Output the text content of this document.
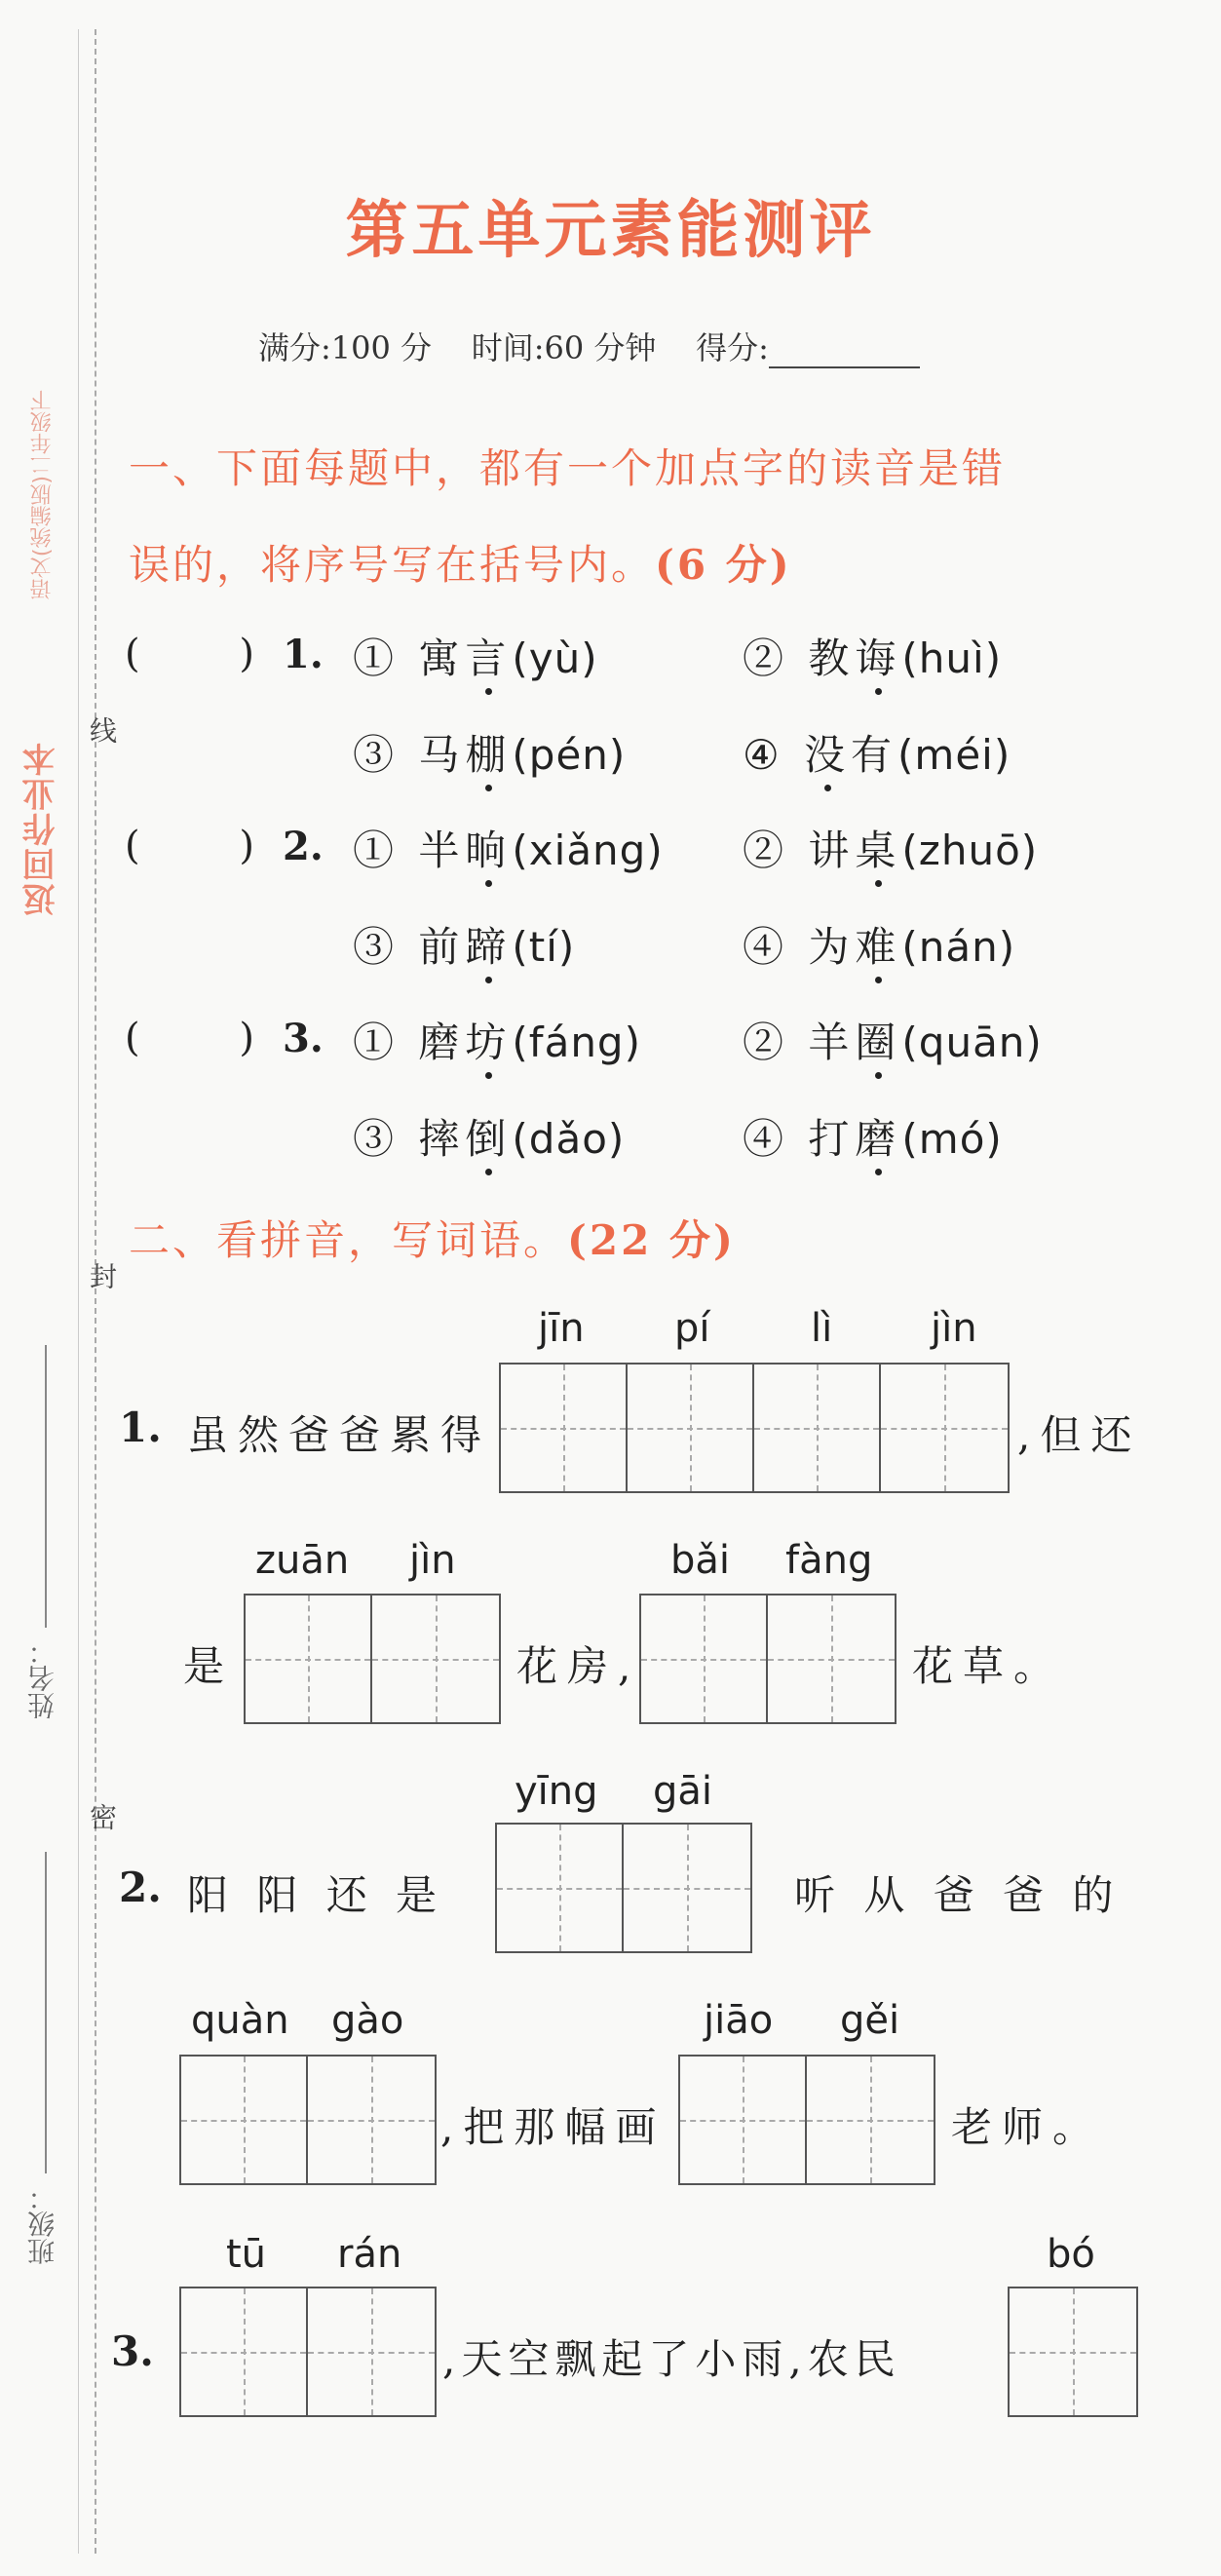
返回作业本
语文(统编版)二年级下
线
封
密
姓名：
班级：
第五单元素能测评
满分:100 分 时间:60 分钟 得分:
一、下面每题中，都有一个加点字的读音是错
误的，将序号写在括号内。(6 分)
(        ) 1. ① 寓言(yù)	② 教诲(huì)
③ 马棚(pén)	④ 没有(méi)
(        ) 2. ① 半晌(xiǎng) ② 讲桌(zhuō)
③ 前蹄(tí)	④ 为难(nán)
(        ) 3. ① 磨坊(fáng) ② 羊圈(quān)
③ 摔倒(dǎo)	④ 打磨(mó)
二、看拼音，写词语。(22 分)
jīn pí	lì	jìn
1. 虽然爸爸累得	,但还
zuān jìn	bǎi fàng
是	花房,	花草。
yīng gāi
2. 阳 阳 还 是	听 从 爸 爸 的
quàn gào	jiāo gěi
,把那幅画	老师。
tū rán	bó
3.	,天空飘起了小雨,农民
